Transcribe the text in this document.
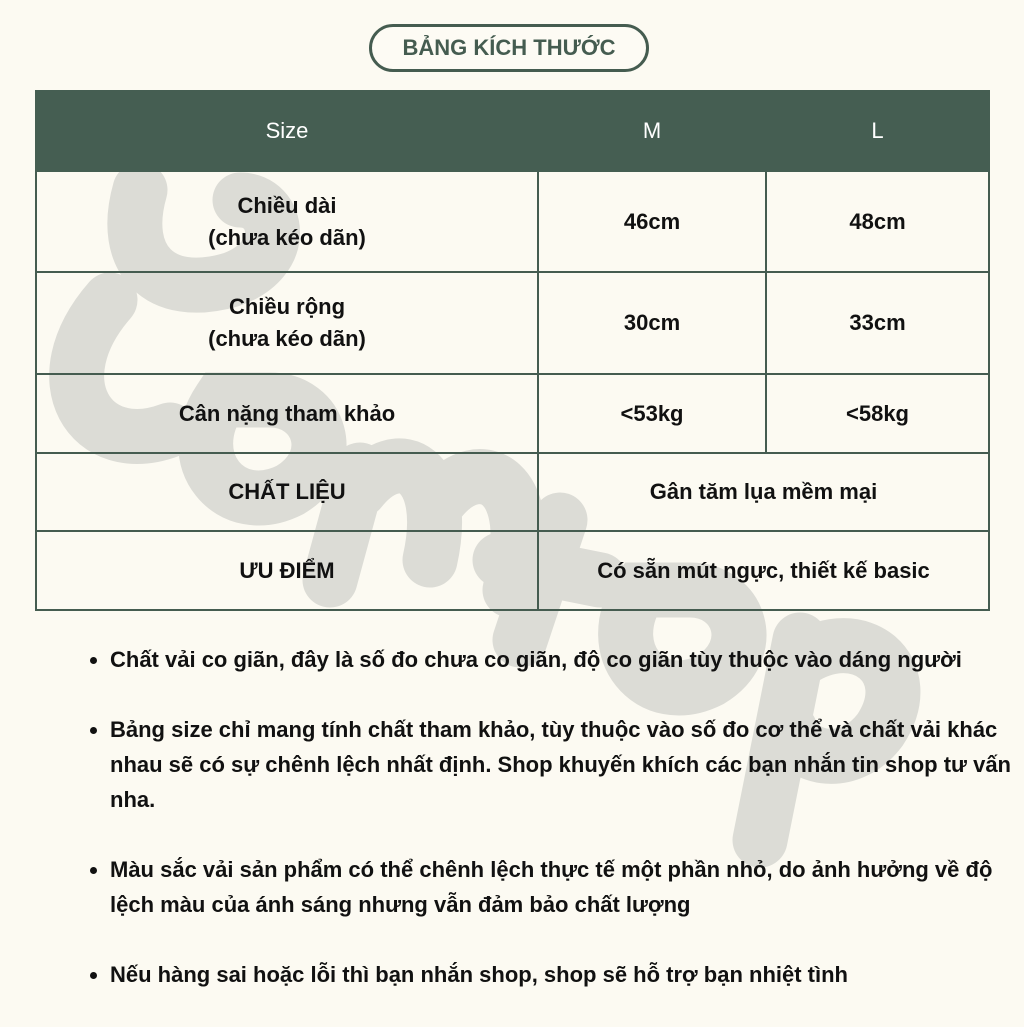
BẢNG KÍCH THƯỚC
Size	M	L
Chiều dài
(chưa kéo dãn)	46cm	48cm
Chiều rộng
(chưa kéo dãn)	30cm	33cm
Cân nặng tham khảo	<53kg	<58kg
CHẤT LIỆU	Gân tăm lụa mềm mại	
ƯU ĐIỂM	Có sẵn mút ngực, thiết kế basic	
• Chất vải co giãn, đây là số đo chưa co giãn, độ co giãn tùy thuộc vào dáng người
• Bảng size chỉ mang tính chất tham khảo, tùy thuộc vào số đo cơ thể và chất vải khác nhau sẽ có sự chênh lệch nhất định. Shop khuyến khích các bạn nhắn tin shop tư vấn nha.
• Màu sắc vải sản phẩm có thể chênh lệch thực tế một phần nhỏ, do ảnh hưởng về độ lệch màu của ánh sáng nhưng vẫn đảm bảo chất lượng
• Nếu hàng sai hoặc lỗi thì bạn nhắn shop, shop sẽ hỗ trợ bạn nhiệt tình
